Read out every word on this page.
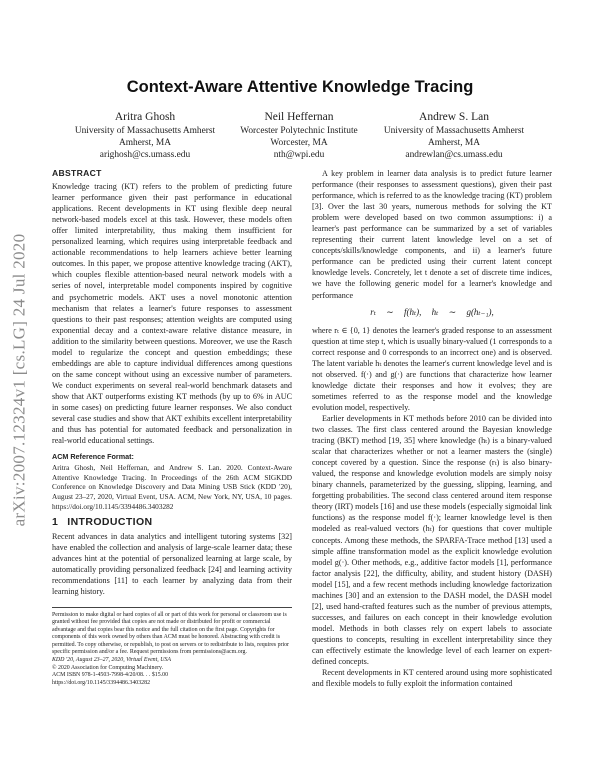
arXiv:2007.12324v1 [cs.LG] 24 Jul 2020
Context-Aware Attentive Knowledge Tracing
Aritra Ghosh
University of Massachusetts Amherst
Amherst, MA
arighosh@cs.umass.edu
Neil Heffernan
Worcester Polytechnic Institute
Worcester, MA
nth@wpi.edu
Andrew S. Lan
University of Massachusetts Amherst
Amherst, MA
andrewlan@cs.umass.edu
ABSTRACT

Knowledge tracing (KT) refers to the problem of predicting future learner performance given their past performance in educational applications. Recent developments in KT using flexible deep neural network-based models excel at this task. However, these models often offer limited interpretability, thus making them insufficient for personalized learning, which requires using interpretable feedback and actionable recommendations to help learners achieve better learning outcomes. In this paper, we propose attentive knowledge tracing (AKT), which couples flexible attention-based neural network models with a series of novel, interpretable model components inspired by cognitive and psychometric models. AKT uses a novel monotonic attention mechanism that relates a learner's future responses to assessment questions to their past responses; attention weights are computed using exponential decay and a context-aware relative distance measure, in addition to the similarity between questions. Moreover, we use the Rasch model to regularize the concept and question embeddings; these embeddings are able to capture individual differences among questions on the same concept without using an excessive number of parameters. We conduct experiments on several real-world benchmark datasets and show that AKT outperforms existing KT methods (by up to 6% in AUC in some cases) on predicting future learner responses. We also conduct several case studies and show that AKT exhibits excellent interpretability and thus has potential for automated feedback and personalization in real-world educational settings.

ACM Reference Format:

Aritra Ghosh, Neil Heffernan, and Andrew S. Lan. 2020. Context-Aware Attentive Knowledge Tracing. In Proceedings of the 26th ACM SIGKDD Conference on Knowledge Discovery and Data Mining USB Stick (KDD '20), August 23–27, 2020, Virtual Event, USA. ACM, New York, NY, USA, 10 pages. https://doi.org/10.1145/3394486.3403282

1 INTRODUCTION

Recent advances in data analytics and intelligent tutoring systems [32] have enabled the collection and analysis of large-scale learner data; these advances hint at the potential of personalized learning at large scale, by automatically providing personalized feedback [24] and learning activity recommendations [11] to each learner by analyzing data from their learning history.

Permission to make digital or hard copies of all or part of this work for personal or classroom use is granted without fee provided that copies are not made or distributed for profit or commercial advantage and that copies bear this notice and the full citation on the first page. Copyrights for components of this work owned by others than ACM must be honored. Abstracting with credit is permitted. To copy otherwise, or republish, to post on servers or to redistribute to lists, requires prior specific permission and/or a fee. Request permissions from permissions@acm.org.

KDD '20, August 23–27, 2020, Virtual Event, USA

© 2020 Association for Computing Machinery.

ACM ISBN 978-1-4503-7998-4/20/08. . . $15.00

https://doi.org/10.1145/3394486.3403282

A key problem in learner data analysis is to predict future learner performance (their responses to assessment questions), given their past performance, which is referred to as the knowledge tracing (KT) problem [3]. Over the last 30 years, numerous methods for solving the KT problem were developed based on two common assumptions: i) a learner's past performance can be summarized by a set of variables representing their current latent knowledge level on a set of concepts/skills/knowledge components, and ii) a learner's future performance can be predicted using their current latent concept knowledge levels. Concretely, let t denote a set of discrete time indices, we have the following generic model for a learner's knowledge and performance

rₜ ∼ f(hₜ), hₜ ∼ g(hₜ₋₁),

where rₜ ∈ {0, 1} denotes the learner's graded response to an assessment question at time step t, which is usually binary-valued (1 corresponds to a correct response and 0 corresponds to an incorrect one) and is observed. The latent variable hₜ denotes the learner's current knowledge level and is not observed. f(·) and g(·) are functions that characterize how learner knowledge dictate their responses and how it evolves; they are sometimes referred to as the response model and the knowledge evolution model, respectively.

Earlier developments in KT methods before 2010 can be divided into two classes. The first class centered around the Bayesian knowledge tracing (BKT) method [19, 35] where knowledge (hₜ) is a binary-valued scalar that characterizes whether or not a learner masters the (single) concept covered by a question. Since the response (rₜ) is also binary-valued, the response and knowledge evolution models are simply noisy binary channels, parameterized by the guessing, slipping, learning, and forgetting probabilities. The second class centered around item response theory (IRT) models [16] and use these models (especially sigmoidal link functions) as the response model f(·); learner knowledge level is then modeled as real-valued vectors (hₜ) for questions that cover multiple concepts. Among these methods, the SPARFA-Trace method [13] used a simple affine transformation model as the explicit knowledge evolution model g(·). Other methods, e.g., additive factor models [1], performance factor analysis [22], the difficulty, ability, and student history (DASH) model [15], and a few recent methods including knowledge factorization machines [30] and an extension to the DASH model, the DASH model [2], used hand-crafted features such as the number of previous attempts, successes, and failures on each concept in their knowledge evolution model. Methods in both classes rely on expert labels to associate questions to concepts, resulting in excellent interpretability since they can effectively estimate the knowledge level of each learner on expert-defined concepts.

Recent developments in KT centered around using more sophisticated and flexible models to fully exploit the information contained
